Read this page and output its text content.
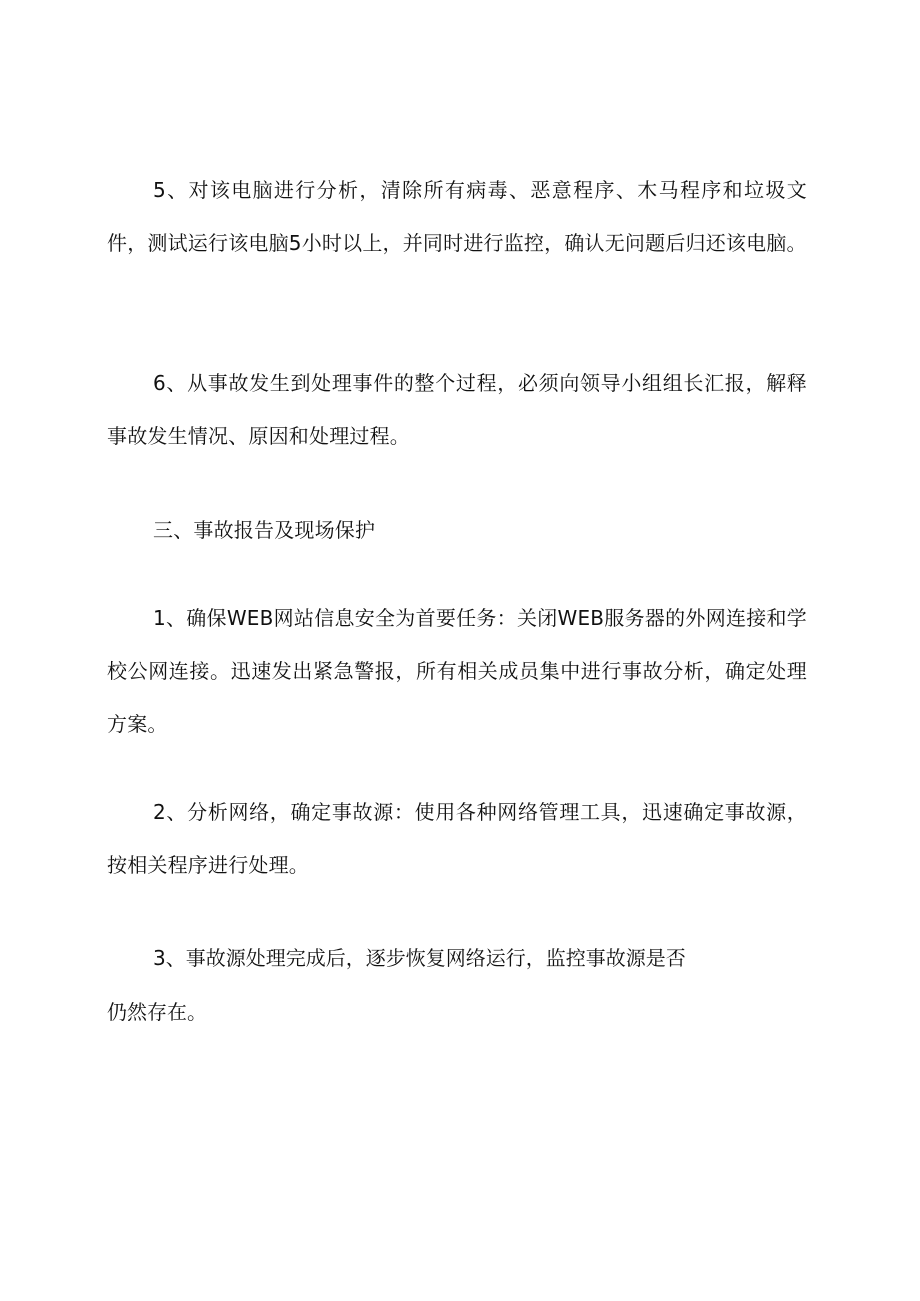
5、对该电脑进行分析，清除所有病毒、恶意程序、木马程序和垃圾文件，测试运行该电脑5小时以上，并同时进行监控，确认无问题后归还该电脑。

6、从事故发生到处理事件的整个过程，必须向领导小组组长汇报，解释事故发生情况、原因和处理过程。

三、事故报告及现场保护

1、确保WEB网站信息安全为首要任务：关闭WEB服务器的外网连接和学校公网连接。迅速发出紧急警报，所有相关成员集中进行事故分析，确定处理方案。

2、分析网络，确定事故源：使用各种网络管理工具，迅速确定事故源，按相关程序进行处理。

3、事故源处理完成后，逐步恢复网络运行，监控事故源是否

仍然存在。
